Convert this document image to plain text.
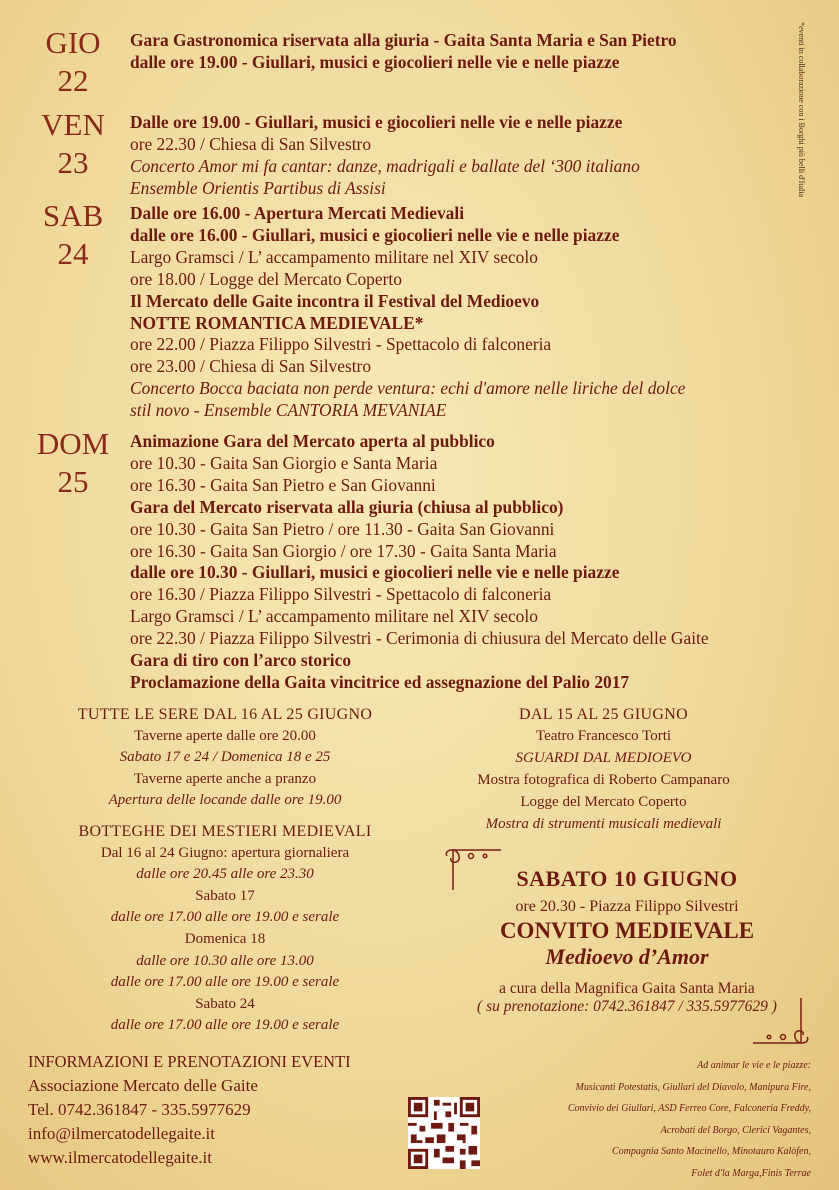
*eventi in collaborazione con i Borghi più belli d'Italia
GIO
22
Gara Gastronomica riservata alla giuria - Gaita Santa Maria e San Pietro
dalle ore 19.00 - Giullari, musici e giocolieri nelle vie e nelle piazze
VEN
23
Dalle ore 19.00 - Giullari, musici e giocolieri nelle vie e nelle piazze
ore 22.30 / Chiesa di San Silvestro
Concerto Amor mi fa cantar: danze, madrigali e ballate del ‘300 italiano
Ensemble Orientis Partibus di Assisi
SAB
24
Dalle ore 16.00 - Apertura Mercati Medievali
dalle ore 16.00 - Giullari, musici e giocolieri nelle vie e nelle piazze
Largo Gramsci / L’ accampamento militare nel XIV secolo
ore 18.00 / Logge del Mercato Coperto
Il Mercato delle Gaite incontra il Festival del Medioevo
NOTTE ROMANTICA MEDIEVALE*
ore 22.00 / Piazza Filippo Silvestri - Spettacolo di falconeria
ore 23.00 / Chiesa di San Silvestro
Concerto Bocca baciata non perde ventura: echi d'amore nelle liriche del dolce
stil novo - Ensemble CANTORIA MEVANIAE
DOM
25
Animazione Gara del Mercato aperta al pubblico
ore 10.30 - Gaita San Giorgio e Santa Maria
ore 16.30 - Gaita San Pietro e San Giovanni
Gara del Mercato riservata alla giuria (chiusa al pubblico)
ore 10.30 - Gaita San Pietro / ore 11.30 - Gaita San Giovanni
ore 16.30 - Gaita San Giorgio / ore 17.30 - Gaita Santa Maria
dalle ore 10.30 - Giullari, musici e giocolieri nelle vie e nelle piazze
ore 16.30 / Piazza Filippo Silvestri - Spettacolo di falconeria
Largo Gramsci / L’ accampamento militare nel XIV secolo
ore 22.30 / Piazza Filippo Silvestri - Cerimonia di chiusura del Mercato delle Gaite
Gara di tiro con l’arco storico
Proclamazione della Gaita vincitrice ed assegnazione del Palio 2017
TUTTE LE SERE DAL 16 AL 25 GIUGNO
Taverne aperte dalle ore 20.00
Sabato 17 e 24 / Domenica 18 e 25
Taverne aperte anche a pranzo
Apertura delle locande dalle ore 19.00
BOTTEGHE DEI MESTIERI MEDIEVALI
Dal 16 al 24 Giugno: apertura giornaliera
dalle ore 20.45 alle ore 23.30
Sabato 17
dalle ore 17.00 alle ore 19.00 e serale
Domenica 18
dalle ore 10.30 alle ore 13.00
dalle ore 17.00 alle ore 19.00 e serale
Sabato 24
dalle ore 17.00 alle ore 19.00 e serale
DAL 15 AL 25 GIUGNO
Teatro Francesco Torti
SGUARDI DAL MEDIOEVO
Mostra fotografica di Roberto Campanaro
Logge del Mercato Coperto
Mostra di strumenti musicali medievali
SABATO 10 GIUGNO
ore 20.30 - Piazza Filippo Silvestri
CONVITO MEDIEVALE
Medioevo d’Amor
a cura della Magnifica Gaita Santa Maria
( su prenotazione: 0742.361847 / 335.5977629 )
INFORMAZIONI E PRENOTAZIONI EVENTI
Associazione Mercato delle Gaite
Tel. 0742.361847 - 335.5977629
info@ilmercatodellegaite.it
www.ilmercatodellegaite.it
Ad animar le vie e le piazze:
Musicanti Potestatis, Giullari del Diavolo, Manipura Fire,
Convivio dei Giullari, ASD Ferreo Core, Falconeria Freddy,
Acrobati del Borgo, Clerici Vagantes,
Compagnia Santo Macinello, Minotauro Kalòfen,
Folet d'la Marga,Finis Terrae
